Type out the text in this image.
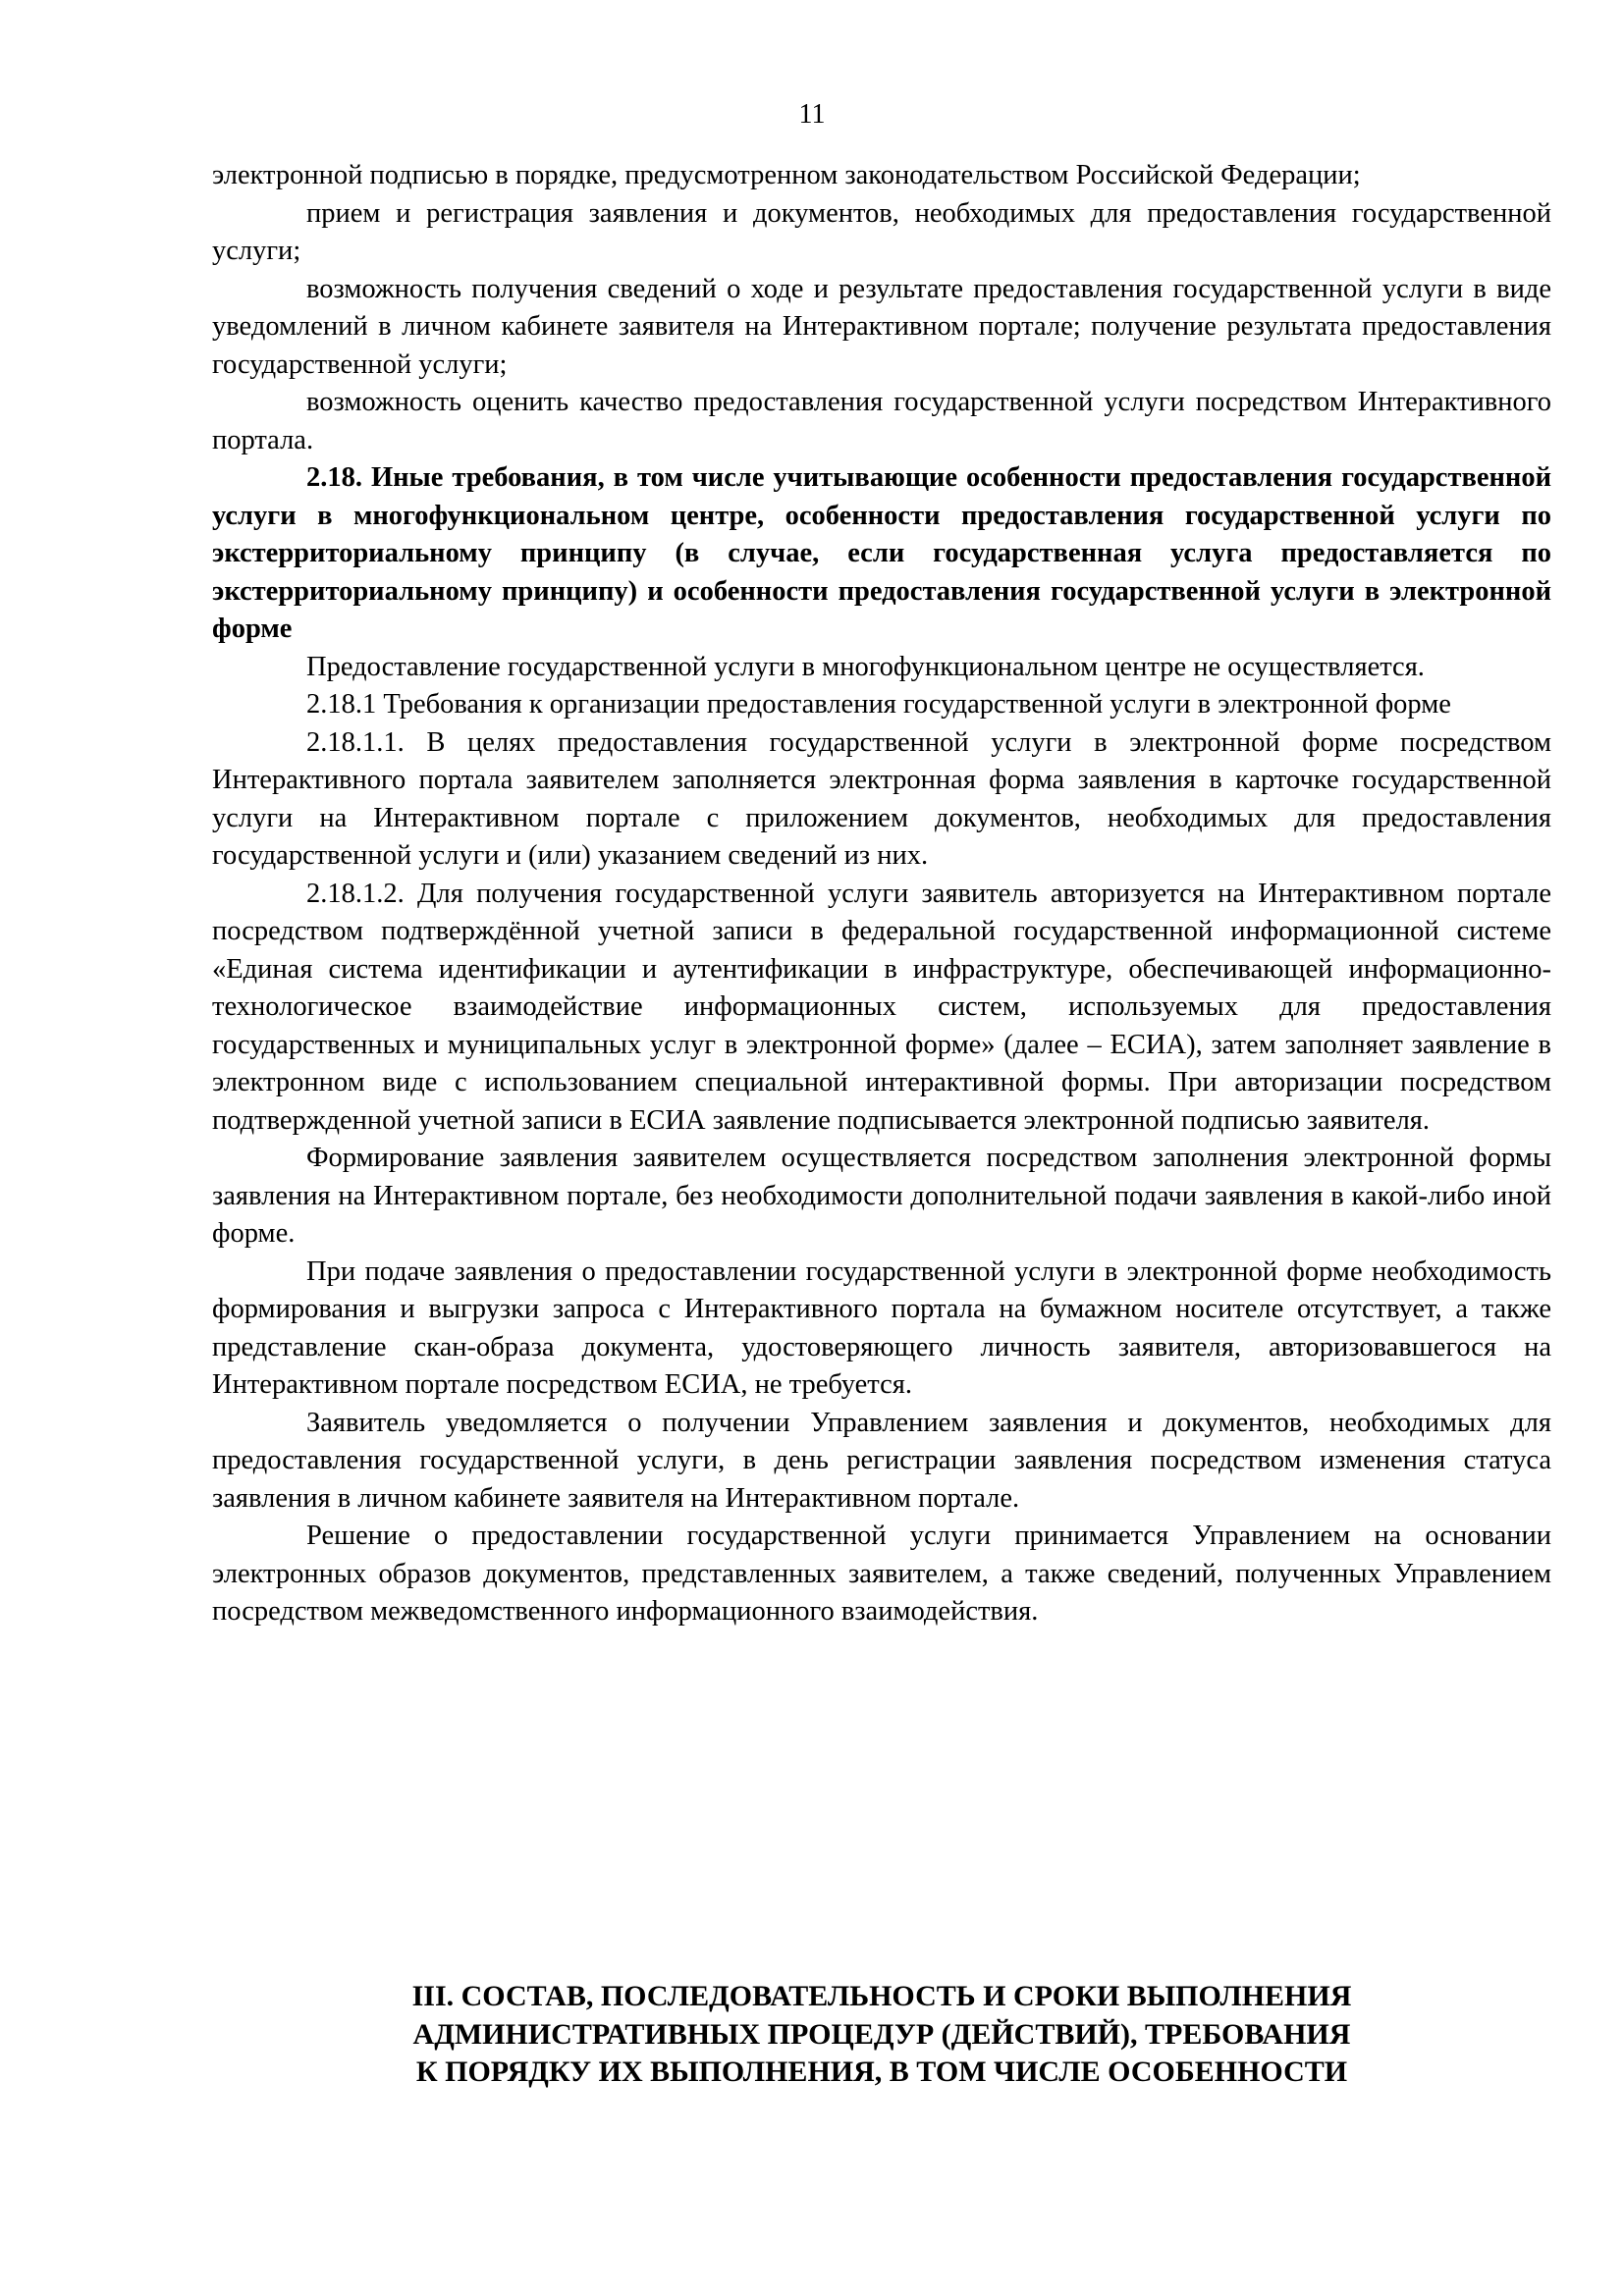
11

электронной подписью в порядке, предусмотренном законодательством Российской Федерации;

прием и регистрация заявления и документов, необходимых для предоставления государственной услуги;

возможность получения сведений о ходе и результате предоставления государственной услуги в виде уведомлений в личном кабинете заявителя на Интерактивном портале; получение результата предоставления государственной услуги;

возможность оценить качество предоставления государственной услуги посредством Интерактивного портала.

2.18. Иные требования, в том числе учитывающие особенности предоставления государственной услуги в многофункциональном центре, особенности предоставления государственной услуги по экстерриториальному принципу (в случае, если государственная услуга предоставляется по экстерриториальному принципу) и особенности предоставления государственной услуги в электронной форме

Предоставление государственной услуги в многофункциональном центре не осуществляется.

2.18.1 Требования к организации предоставления государственной услуги в электронной форме

2.18.1.1. В целях предоставления государственной услуги в электронной форме посредством Интерактивного портала заявителем заполняется электронная форма заявления в карточке государственной услуги на Интерактивном портале с приложением документов, необходимых для предоставления государственной услуги и (или) указанием сведений из них.

2.18.1.2. Для получения государственной услуги заявитель авторизуется на Интерактивном портале посредством подтверждённой учетной записи в федеральной государственной информационной системе «Единая система идентификации и аутентификации в инфраструктуре, обеспечивающей информационно-технологическое взаимодействие информационных систем, используемых для предоставления государственных и муниципальных услуг в электронной форме» (далее – ЕСИА), затем заполняет заявление в электронном виде с использованием специальной интерактивной формы. При авторизации посредством подтвержденной учетной записи в ЕСИА заявление подписывается электронной подписью заявителя.

Формирование заявления заявителем осуществляется посредством заполнения электронной формы заявления на Интерактивном портале, без необходимости дополнительной подачи заявления в какой-либо иной форме.

При подаче заявления о предоставлении государственной услуги в электронной форме необходимость формирования и выгрузки запроса с Интерактивного портала на бумажном носителе отсутствует, а также представление скан-образа документа, удостоверяющего личность заявителя, авторизовавшегося на Интерактивном портале посредством ЕСИА, не требуется.

Заявитель уведомляется о получении Управлением заявления и документов, необходимых для предоставления государственной услуги, в день регистрации заявления посредством изменения статуса заявления в личном кабинете заявителя на Интерактивном портале.

Решение о предоставлении государственной услуги принимается Управлением на основании электронных образов документов, представленных заявителем, а также сведений, полученных Управлением посредством межведомственного информационного взаимодействия.

III. СОСТАВ, ПОСЛЕДОВАТЕЛЬНОСТЬ И СРОКИ ВЫПОЛНЕНИЯ
АДМИНИСТРАТИВНЫХ ПРОЦЕДУР (ДЕЙСТВИЙ), ТРЕБОВАНИЯ
К ПОРЯДКУ ИХ ВЫПОЛНЕНИЯ, В ТОМ ЧИСЛЕ ОСОБЕННОСТИ
